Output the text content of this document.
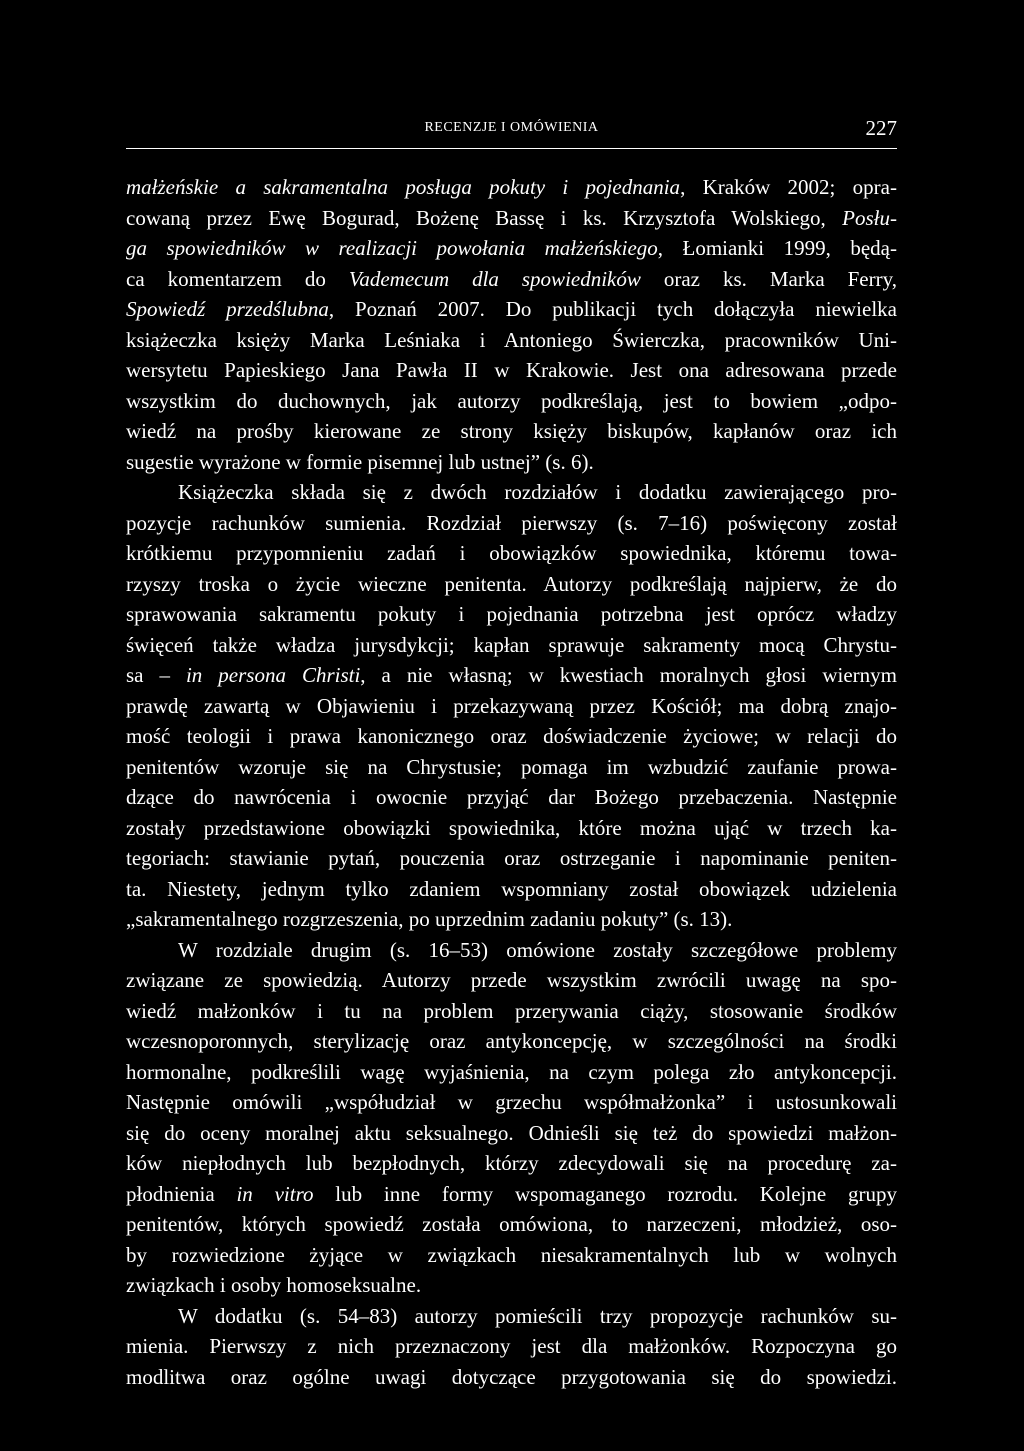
RECENZJE I OMÓWIENIA	227
małżeńskie a sakramentalna posługa pokuty i pojednania, Kraków 2002; opra-
cowaną przez Ewę Bogurad, Bożenę Bassę i ks. Krzysztofa Wolskiego, Posłu-
ga spowiedników w realizacji powołania małżeńskiego, Łomianki 1999, będą-
ca komentarzem do Vademecum dla spowiedników oraz ks. Marka Ferry,
Spowiedź przedślubna, Poznań 2007. Do publikacji tych dołączyła niewielka
książeczka księży Marka Leśniaka i Antoniego Świerczka, pracowników Uni-
wersytetu Papieskiego Jana Pawła II w Krakowie. Jest ona adresowana przede
wszystkim do duchownych, jak autorzy podkreślają, jest to bowiem „odpo-
wiedź na prośby kierowane ze strony księży biskupów, kapłanów oraz ich
sugestie wyrażone w formie pisemnej lub ustnej” (s. 6).
Książeczka składa się z dwóch rozdziałów i dodatku zawierającego pro-
pozycje rachunków sumienia. Rozdział pierwszy (s. 7–16) poświęcony został
krótkiemu przypomnieniu zadań i obowiązków spowiednika, któremu towa-
rzyszy troska o życie wieczne penitenta. Autorzy podkreślają najpierw, że do
sprawowania sakramentu pokuty i pojednania potrzebna jest oprócz władzy
święceń także władza jurysdykcji; kapłan sprawuje sakramenty mocą Chrystu-
sa – in persona Christi, a nie własną; w kwestiach moralnych głosi wiernym
prawdę zawartą w Objawieniu i przekazywaną przez Kościół; ma dobrą znajo-
mość teologii i prawa kanonicznego oraz doświadczenie życiowe; w relacji do
penitentów wzoruje się na Chrystusie; pomaga im wzbudzić zaufanie prowa-
dzące do nawrócenia i owocnie przyjąć dar Bożego przebaczenia. Następnie
zostały przedstawione obowiązki spowiednika, które można ująć w trzech ka-
tegoriach: stawianie pytań, pouczenia oraz ostrzeganie i napominanie peniten-
ta. Niestety, jednym tylko zdaniem wspomniany został obowiązek udzielenia
„sakramentalnego rozgrzeszenia, po uprzednim zadaniu pokuty” (s. 13).
W rozdziale drugim (s. 16–53) omówione zostały szczegółowe problemy
związane ze spowiedzią. Autorzy przede wszystkim zwrócili uwagę na spo-
wiedź małżonków i tu na problem przerywania ciąży, stosowanie środków
wczesnoporonnych, sterylizację oraz antykoncepcję, w szczególności na środki
hormonalne, podkreślili wagę wyjaśnienia, na czym polega zło antykoncepcji.
Następnie omówili „współudział w grzechu współmałżonka” i ustosunkowali
się do oceny moralnej aktu seksualnego. Odnieśli się też do spowiedzi małżon-
ków niepłodnych lub bezpłodnych, którzy zdecydowali się na procedurę za-
płodnienia in vitro lub inne formy wspomaganego rozrodu. Kolejne grupy
penitentów, których spowiedź została omówiona, to narzeczeni, młodzież, oso-
by rozwiedzione żyjące w związkach niesakramentalnych lub w wolnych
związkach i osoby homoseksualne.
W dodatku (s. 54–83) autorzy pomieścili trzy propozycje rachunków su-
mienia. Pierwszy z nich przeznaczony jest dla małżonków. Rozpoczyna go
modlitwa oraz ogólne uwagi dotyczące przygotowania się do spowiedzi.
